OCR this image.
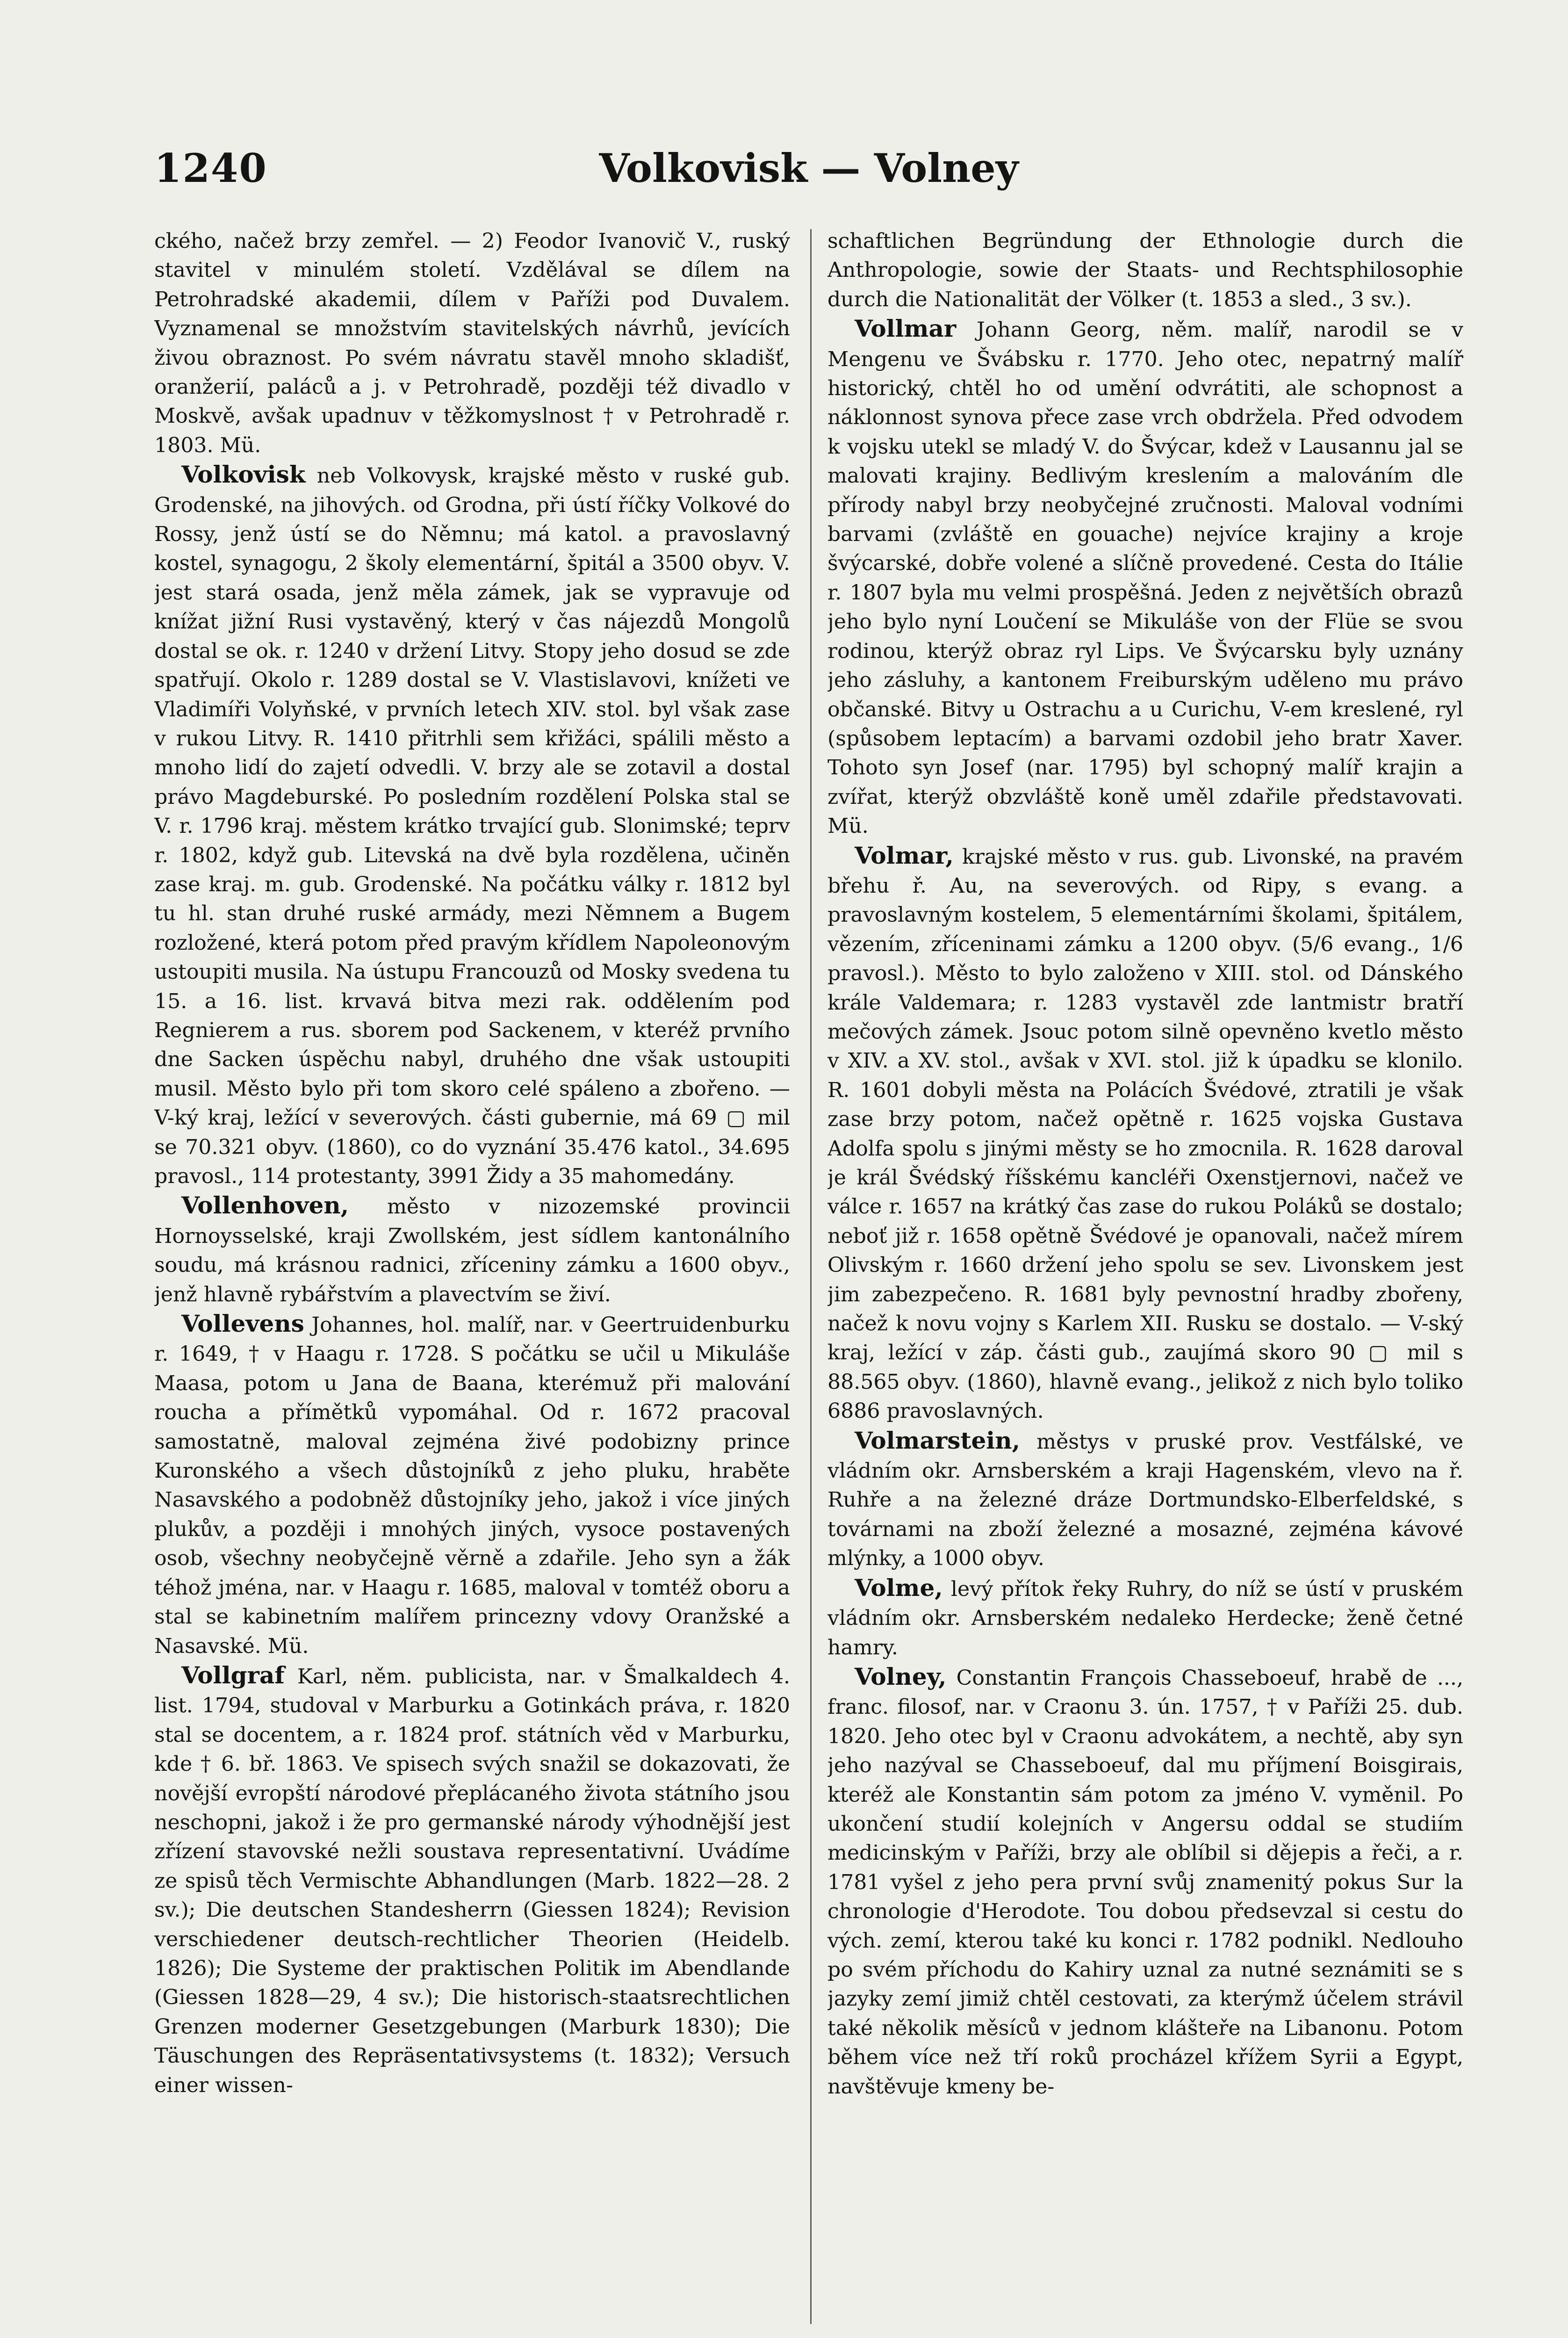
1240	Volkovisk — Volney

ckého, načež brzy zemřel. — 2) Feodor Ivanovič V., ruský stavitel v minulém století. Vzdělával se dílem na Petrohradské akademii, dílem v Paříži pod Duvalem. Vyznamenal se množstvím stavitelských návrhů, jevících živou obraznost. Po svém návratu stavěl mnoho skladišť, oranžerií, paláců a j. v Petrohradě, později též divadlo v Moskvě, avšak upadnuv v těžkomyslnost † v Petrohradě r. 1803. Mü.

Volkovisk neb Volkovysk, krajské město v ruské gub. Grodenské, na jihových. od Grodna, při ústí říčky Volkové do Rossy, jenž ústí se do Němnu; má katol. a pravoslavný kostel, synagogu, 2 školy elementární, špitál a 3500 obyv. V. jest stará osada, jenž měla zámek, jak se vypravuje od knížat jižní Rusi vystavěný, který v čas nájezdů Mongolů dostal se ok. r. 1240 v držení Litvy. Stopy jeho dosud se zde spatřují. Okolo r. 1289 dostal se V. Vlastislavovi, knížeti ve Vladimíři Volyňské, v prvních letech XIV. stol. byl však zase v rukou Litvy. R. 1410 přitrhli sem křižáci, spálili město a mnoho lidí do zajetí odvedli. V. brzy ale se zotavil a dostal právo Magdeburské. Po posledním rozdělení Polska stal se V. r. 1796 kraj. městem krátko trvající gub. Slonimské; teprv r. 1802, když gub. Litevská na dvě byla rozdělena, učiněn zase kraj. m. gub. Grodenské. Na počátku války r. 1812 byl tu hl. stan druhé ruské armády, mezi Němnem a Bugem rozložené, která potom před pravým křídlem Napoleonovým ustoupiti musila. Na ústupu Francouzů od Mosky svedena tu 15. a 16. list. krvavá bitva mezi rak. oddělením pod Regnierem a rus. sborem pod Sackenem, v kteréž prvního dne Sacken úspěchu nabyl, druhého dne však ustoupiti musil. Město bylo při tom skoro celé spáleno a zbořeno. — V-ký kraj, ležící v severových. části gubernie, má 69 ▢ mil se 70.321 obyv. (1860), co do vyznání 35.476 katol., 34.695 pravosl., 114 protestanty, 3991 Židy a 35 mahomedány.

Vollenhoven, město v nizozemské provincii Hornoysselské, kraji Zwollském, jest sídlem kantonálního soudu, má krásnou radnici, zříceniny zámku a 1600 obyv., jenž hlavně rybářstvím a plavectvím se živí.

Vollevens Johannes, hol. malíř, nar. v Geertruidenburku r. 1649, † v Haagu r. 1728. S počátku se učil u Mikuláše Maasa, potom u Jana de Baana, kterémuž při malování roucha a přímětků vypomáhal. Od r. 1672 pracoval samostatně, maloval zejména živé podobizny prince Kuronského a všech důstojníků z jeho pluku, hraběte Nasavského a podobněž důstojníky jeho, jakož i více jiných plukův, a později i mnohých jiných, vysoce postavených osob, všechny neobyčejně věrně a zdařile. Jeho syn a žák téhož jména, nar. v Haagu r. 1685, maloval v tomtéž oboru a stal se kabinetním malířem princezny vdovy Oranžské a Nasavské. Mü.

Vollgraf Karl, něm. publicista, nar. v Šmalkaldech 4. list. 1794, studoval v Marburku a Gotinkách práva, r. 1820 stal se docentem, a r. 1824 prof. státních věd v Marburku, kde † 6. bř. 1863. Ve spisech svých snažil se dokazovati, že novější evropští národové přeplácaného života státního jsou neschopni, jakož i že pro germanské národy výhodnější jest zřízení stavovské nežli soustava representativní. Uvádíme ze spisů těch Vermischte Abhandlungen (Marb. 1822—28. 2 sv.); Die deutschen Standesherrn (Giessen 1824); Revision verschiedener deutsch-rechtlicher Theorien (Heidelb. 1826); Die Systeme der praktischen Politik im Abendlande (Giessen 1828—29, 4 sv.); Die historisch-staatsrechtlichen Grenzen moderner Gesetzgebungen (Marburk 1830); Die Täuschungen des Repräsentativsystems (t. 1832); Versuch einer wissen-

schaftlichen Begründung der Ethnologie durch die Anthropologie, sowie der Staats- und Rechtsphilosophie durch die Nationalität der Völker (t. 1853 a sled., 3 sv.).

Vollmar Johann Georg, něm. malíř, narodil se v Mengenu ve Švábsku r. 1770. Jeho otec, nepatrný malíř historický, chtěl ho od umění odvrátiti, ale schopnost a náklonnost synova přece zase vrch obdržela. Před odvodem k vojsku utekl se mladý V. do Švýcar, kdež v Lausannu jal se malovati krajiny. Bedlivým kreslením a malováním dle přírody nabyl brzy neobyčejné zručnosti. Maloval vodními barvami (zvláště en gouache) nejvíce krajiny a kroje švýcarské, dobře volené a slíčně provedené. Cesta do Itálie r. 1807 byla mu velmi prospěšná. Jeden z největších obrazů jeho bylo nyní Loučení se Mikuláše von der Flüe se svou rodinou, kterýž obraz ryl Lips. Ve Švýcarsku byly uznány jeho zásluhy, a kantonem Freiburským uděleno mu právo občanské. Bitvy u Ostrachu a u Curichu, V-em kreslené, ryl (spůsobem leptacím) a barvami ozdobil jeho bratr Xaver. Tohoto syn Josef (nar. 1795) byl schopný malíř krajin a zvířat, kterýž obzvláště koně uměl zdařile představovati. Mü.

Volmar, krajské město v rus. gub. Livonské, na pravém břehu ř. Au, na severových. od Ripy, s evang. a pravoslavným kostelem, 5 elementárními školami, špitálem, vězením, zříceninami zámku a 1200 obyv. (5/6 evang., 1/6 pravosl.). Město to bylo založeno v XIII. stol. od Dánského krále Valdemara; r. 1283 vystavěl zde lantmistr bratří mečových zámek. Jsouc potom silně opevněno kvetlo město v XIV. a XV. stol., avšak v XVI. stol. již k úpadku se klonilo. R. 1601 dobyli města na Polácích Švédové, ztratili je však zase brzy potom, načež opětně r. 1625 vojska Gustava Adolfa spolu s jinými městy se ho zmocnila. R. 1628 daroval je král Švédský říšskému kancléři Oxenstjernovi, načež ve válce r. 1657 na krátký čas zase do rukou Poláků se dostalo; neboť již r. 1658 opětně Švédové je opanovali, načež mírem Olivským r. 1660 držení jeho spolu se sev. Livonskem jest jim zabezpečeno. R. 1681 byly pevnostní hradby zbořeny, načež k novu vojny s Karlem XII. Rusku se dostalo. — V-ský kraj, ležící v záp. části gub., zaujímá skoro 90 ▢ mil s 88.565 obyv. (1860), hlavně evang., jelikož z nich bylo toliko 6886 pravoslavných.

Volmarstein, městys v pruské prov. Vestfálské, ve vládním okr. Arnsberském a kraji Hagenském, vlevo na ř. Ruhře a na železné dráze Dortmundsko-Elberfeldské, s továrnami na zboží železné a mosazné, zejména kávové mlýnky, a 1000 obyv.

Volme, levý přítok řeky Ruhry, do níž se ústí v pruském vládním okr. Arnsberském nedaleko Herdecke; ženě četné hamry.

Volney, Constantin François Chasseboeuf, hrabě de ..., franc. filosof, nar. v Craonu 3. ún. 1757, † v Paříži 25. dub. 1820. Jeho otec byl v Craonu advokátem, a nechtě, aby syn jeho nazýval se Chasseboeuf, dal mu příjmení Boisgirais, kteréž ale Konstantin sám potom za jméno V. vyměnil. Po ukončení studií kolejních v Angersu oddal se studiím medicinským v Paříži, brzy ale oblíbil si dějepis a řeči, a r. 1781 vyšel z jeho pera první svůj znamenitý pokus Sur la chronologie d'Herodote. Tou dobou předsevzal si cestu do vých. zemí, kterou také ku konci r. 1782 podnikl. Nedlouho po svém příchodu do Kahiry uznal za nutné seznámiti se s jazyky zemí jimiž chtěl cestovati, za kterýmž účelem strávil také několik měsíců v jednom klášteře na Libanonu. Potom během více než tří roků procházel křížem Syrii a Egypt, navštěvuje kmeny be-
